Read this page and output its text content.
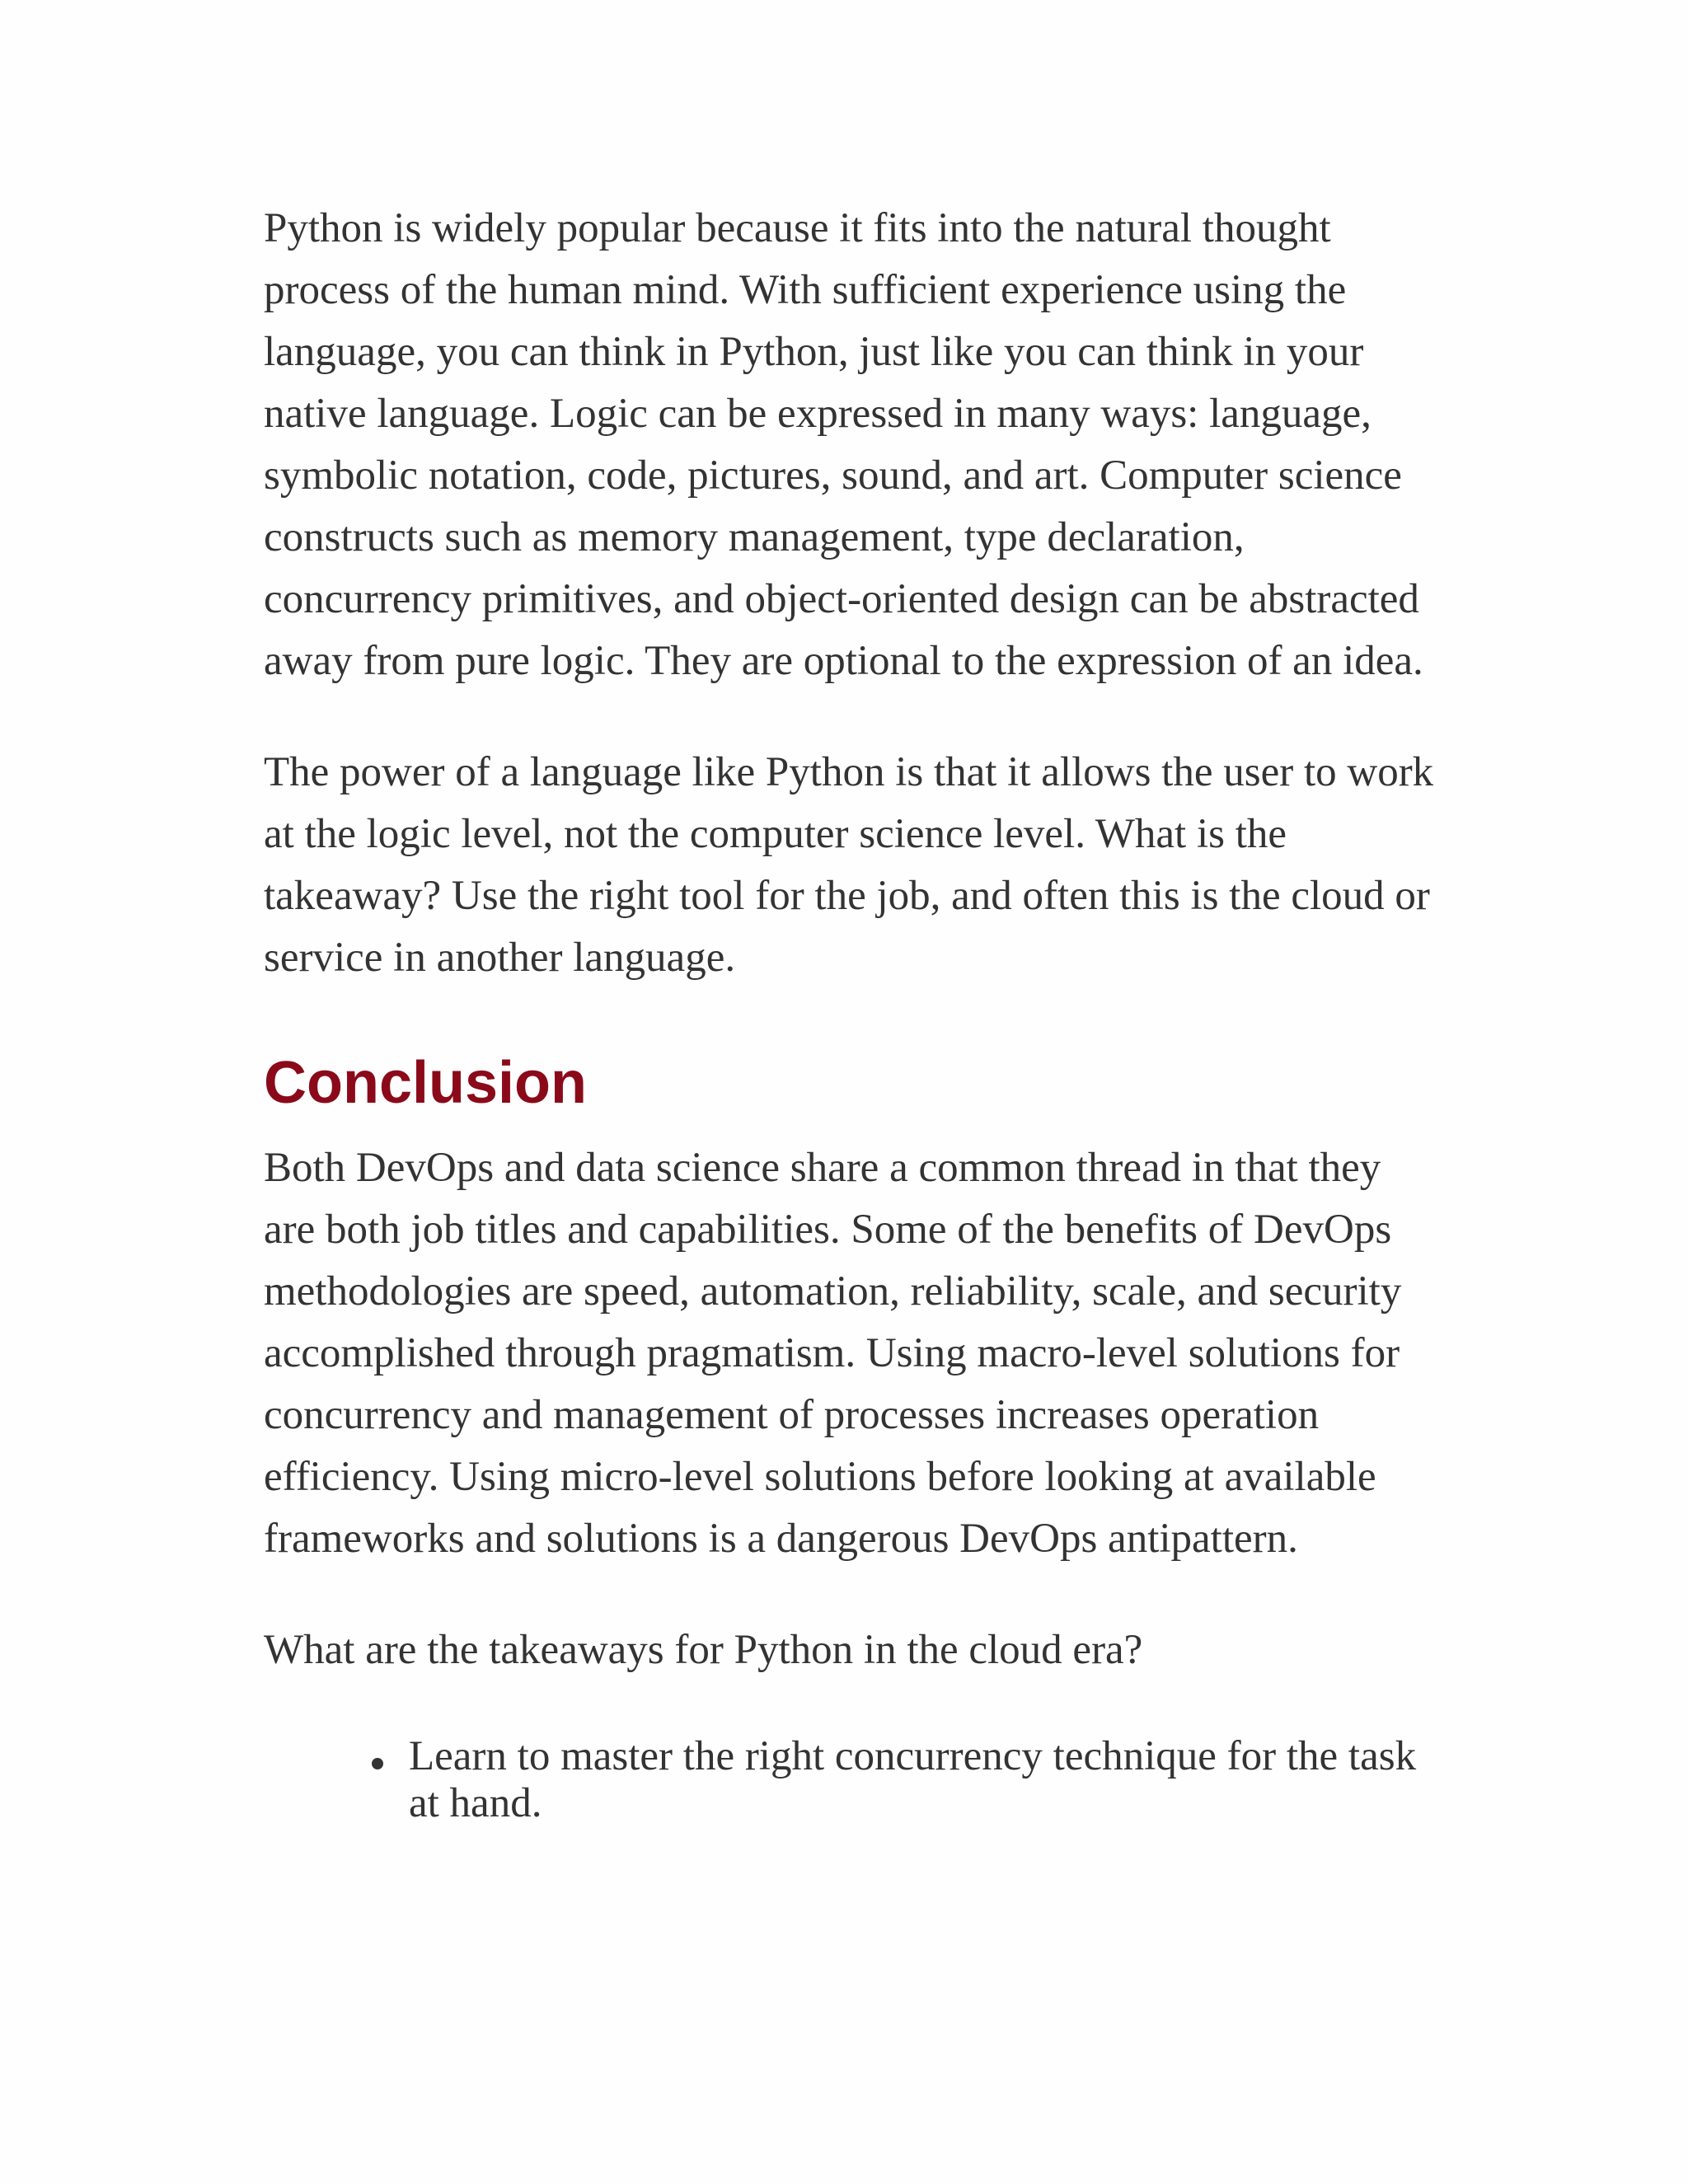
Python is widely popular because it fits into the natural thought process of the human mind. With sufficient experience using the language, you can think in Python, just like you can think in your native language. Logic can be expressed in many ways: language, symbolic notation, code, pictures, sound, and art. Computer science constructs such as memory management, type declaration, concurrency primitives, and object-oriented design can be abstracted away from pure logic. They are optional to the expression of an idea.

The power of a language like Python is that it allows the user to work at the logic level, not the computer science level. What is the takeaway? Use the right tool for the job, and often this is the cloud or service in another language.

Conclusion

Both DevOps and data science share a common thread in that they are both job titles and capabilities. Some of the benefits of DevOps methodologies are speed, automation, reliability, scale, and security accomplished through pragmatism. Using macro-level solutions for concurrency and management of processes increases operation efficiency. Using micro-level solutions before looking at available frameworks and solutions is a dangerous DevOps antipattern.

What are the takeaways for Python in the cloud era?

Learn to master the right concurrency technique for the task at hand.
